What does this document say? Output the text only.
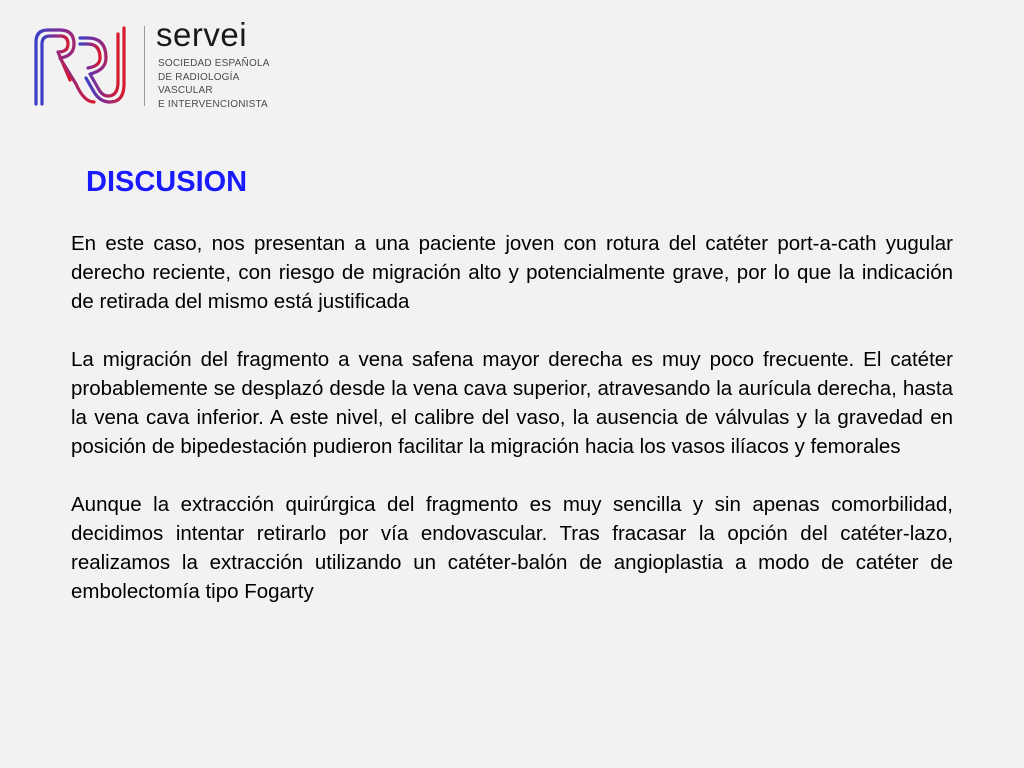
servei
SOCIEDAD ESPAÑOLA
DE RADIOLOGÍA
VASCULAR
E INTERVENCIONISTA
DISCUSION

En este caso, nos presentan a una paciente joven con rotura del catéter port-a-cath yugular derecho reciente, con riesgo de migración alto y potencialmente grave, por lo que la indicación de retirada del mismo está justificada

La migración del fragmento a vena safena mayor derecha es muy poco frecuente. El catéter probablemente se desplazó desde la vena cava superior, atravesando la aurícula derecha, hasta la vena cava inferior. A este nivel, el calibre del vaso, la ausencia de válvulas y la gravedad en posición de bipedestación pudieron facilitar la migración hacia los vasos ilíacos y femorales

Aunque la extracción quirúrgica del fragmento es muy sencilla y sin apenas comorbilidad, decidimos intentar retirarlo por vía endovascular. Tras fracasar la opción del catéter-lazo, realizamos la extracción utilizando un catéter-balón de angioplastia a modo de catéter de embolectomía tipo Fogarty
